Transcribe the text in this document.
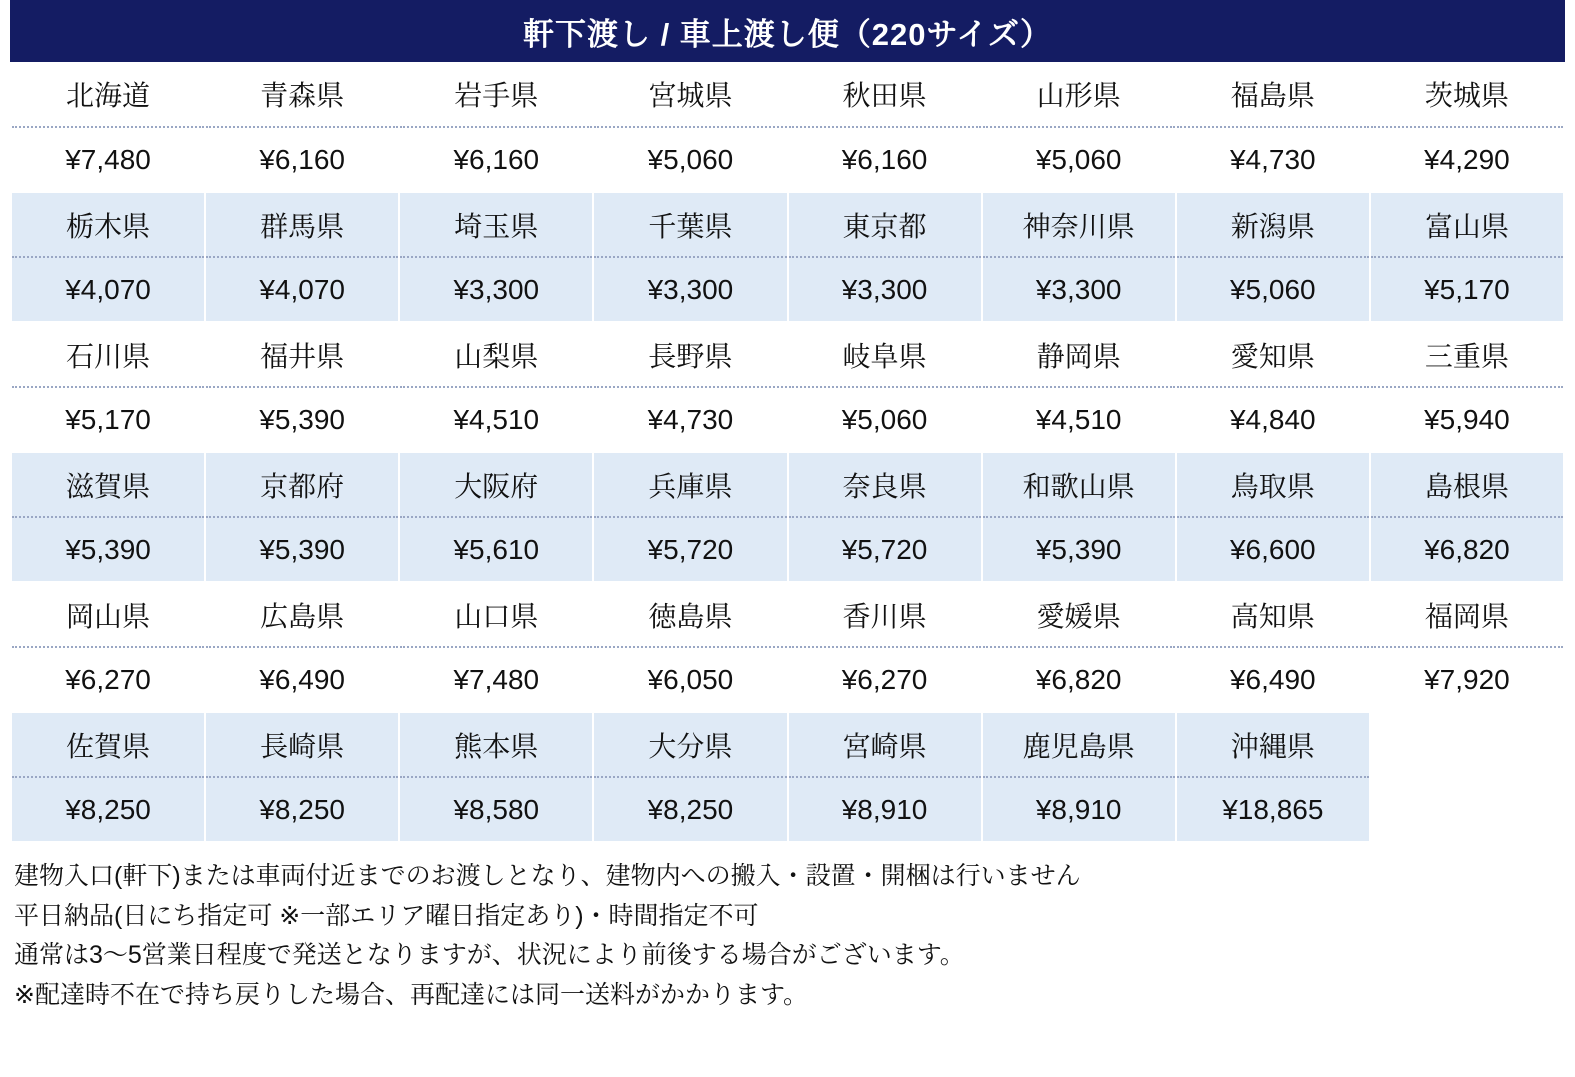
軒下渡し / 車上渡し便（220サイズ）
北海道	青森県	岩手県	宮城県	秋田県	山形県	福島県	茨城県
¥7,480	¥6,160	¥6,160	¥5,060	¥6,160	¥5,060	¥4,730	¥4,290
栃木県	群馬県	埼玉県	千葉県	東京都	神奈川県	新潟県	富山県
¥4,070	¥4,070	¥3,300	¥3,300	¥3,300	¥3,300	¥5,060	¥5,170
石川県	福井県	山梨県	長野県	岐阜県	静岡県	愛知県	三重県
¥5,170	¥5,390	¥4,510	¥4,730	¥5,060	¥4,510	¥4,840	¥5,940
滋賀県	京都府	大阪府	兵庫県	奈良県	和歌山県	鳥取県	島根県
¥5,390	¥5,390	¥5,610	¥5,720	¥5,720	¥5,390	¥6,600	¥6,820
岡山県	広島県	山口県	徳島県	香川県	愛媛県	高知県	福岡県
¥6,270	¥6,490	¥7,480	¥6,050	¥6,270	¥6,820	¥6,490	¥7,920
佐賀県	長崎県	熊本県	大分県	宮崎県	鹿児島県	沖縄県	
¥8,250	¥8,250	¥8,580	¥8,250	¥8,910	¥8,910	¥18,865	
建物入口(軒下)または車両付近までのお渡しとなり、建物内への搬入・設置・開梱は行いません
平日納品(日にち指定可 ※一部エリア曜日指定あり)・時間指定不可
通常は3〜5営業日程度で発送となりますが、状況により前後する場合がございます。
※配達時不在で持ち戻りした場合、再配達には同一送料がかかります。
